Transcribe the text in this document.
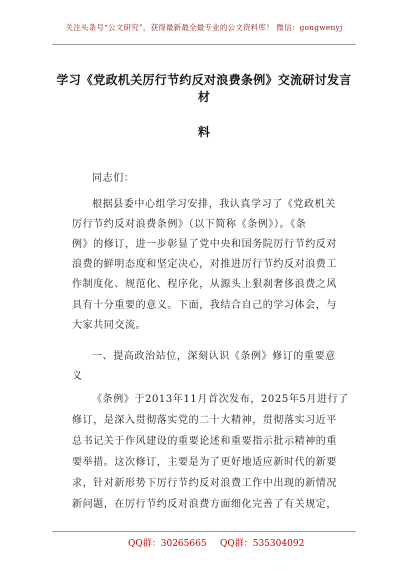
关注头条号“公文研究”，获得最新最全最专业的公文资料库！ 微信：gongwenyj
学习《党政机关厉行节约反对浪费条例》交流研讨发言材
料
同志们：
根据县委中心组学习安排，我认真学习了《党政机关
厉行节约反对浪费条例》（以下简称《条例》）。《条
例》的修订，进一步彰显了党中央和国务院厉行节约反对
浪费的鲜明态度和坚定决心，对推进厉行节约反对浪费工
作制度化、规范化、程序化，从源头上狠刹奢侈浪费之风
具有十分重要的意义。下面，我结合自己的学习体会，与
大家共同交流。
一、提高政治站位，深刻认识《条例》修订的重要意
义
《条例》于2013年11月首次发布，2025年5月进行了
修订，是深入贯彻落实党的二十大精神，贯彻落实习近平
总书记关于作风建设的重要论述和重要指示批示精神的重
要举措。这次修订，主要是为了更好地适应新时代的新要
求，针对新形势下厉行节约反对浪费工作中出现的新情况
新问题，在厉行节约反对浪费方面细化完善了有关规定，
QQ群：30265665 QQ群：535304092
